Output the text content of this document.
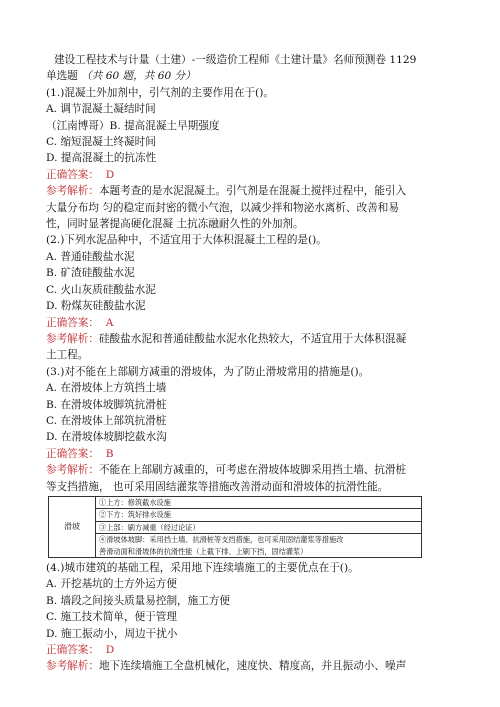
建设工程技术与计量（土建）-一级造价工程师《土建计量》名师预测卷 1129
单选题 （共 60 题，共 60 分）
(1.)混凝土外加剂中，引气剂的主要作用在于()。
A. 调节混凝土凝结时间
（江南博哥）B. 提高混凝土早期强度
C. 缩短混凝土终凝时间
D. 提高混凝土的抗冻性
正确答案： D
参考解析：本题考查的是水泥混凝土。引气剂是在混凝土搅拌过程中，能引入
大量分布均 匀的稳定而封密的微小气泡，以减少拌和物泌水离析、改善和易
性，同时显著提高硬化混凝 土抗冻融耐久性的外加剂。
(2.)下列水泥品种中，不适宜用于大体积混凝土工程的是()。
A. 普通硅酸盐水泥
B. 矿渣硅酸盐水泥
C. 火山灰质硅酸盐水泥
D. 粉煤灰硅酸盐水泥
正确答案： A
参考解析：硅酸盐水泥和普通硅酸盐水泥水化热较大，不适宜用于大体积混凝
土工程。
(3.)对不能在上部刷方减重的滑坡体，为了防止滑坡常用的措施是()。
A. 在滑坡体上方筑挡土墙
B. 在滑坡体坡脚筑抗滑桩
C. 在滑坡体上部筑抗滑桩
D. 在滑坡体坡脚挖截水沟
正确答案： B
参考解析：不能在上部刷方减重的，可考虑在滑坡体坡脚采用挡土墙、抗滑桩
等支挡措施， 也可采用固结灌浆等措施改善滑动面和滑坡体的抗滑性能。
滑坡	①上方：修筑截水设施
②下方：筑好排水设施
③上部：刷方减重（经过论证）
④滑坡体坡脚：采用挡土墙、抗滑桩等支挡措施，也可采用固结灌浆等措施改
善滑动面和滑坡体的抗滑性能（上截下排、上刷下挡，固结灌浆）
(4.)城市建筑的基础工程，采用地下连续墙施工的主要优点在于()。
A. 开挖基坑的土方外运方便
B. 墙段之间接头质量易控制，施工方便
C. 施工技术简单，便于管理
D. 施工振动小，周边干扰小
正确答案： D
参考解析：地下连续墙施工全盘机械化，速度快、精度高，并且振动小、噪声
